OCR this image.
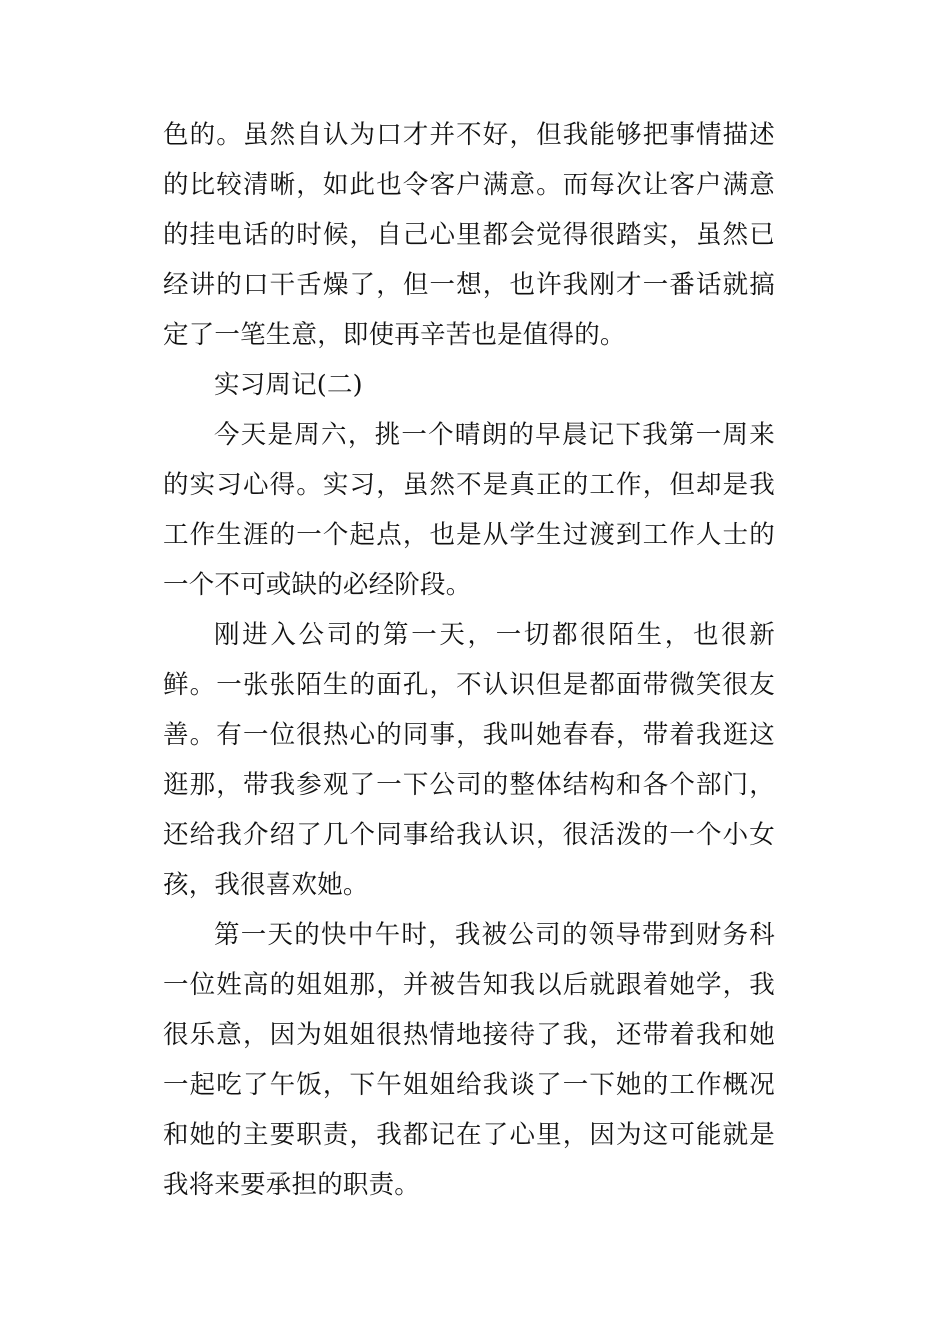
色的。虽然自认为口才并不好，但我能够把事情描述的比较清晰，如此也令客户满意。而每次让客户满意的挂电话的时候，自己心里都会觉得很踏实，虽然已经讲的口干舌燥了，但一想，也许我刚才一番话就搞定了一笔生意，即使再辛苦也是值得的。

实习周记(二)

今天是周六，挑一个晴朗的早晨记下我第一周来的实习心得。实习，虽然不是真正的工作，但却是我工作生涯的一个起点，也是从学生过渡到工作人士的一个不可或缺的必经阶段。

刚进入公司的第一天，一切都很陌生，也很新鲜。一张张陌生的面孔，不认识但是都面带微笑很友善。有一位很热心的同事，我叫她春春，带着我逛这逛那，带我参观了一下公司的整体结构和各个部门，还给我介绍了几个同事给我认识，很活泼的一个小女孩，我很喜欢她。

第一天的快中午时，我被公司的领导带到财务科一位姓高的姐姐那，并被告知我以后就跟着她学，我很乐意，因为姐姐很热情地接待了我，还带着我和她一起吃了午饭，下午姐姐给我谈了一下她的工作概况和她的主要职责，我都记在了心里，因为这可能就是我将来要承担的职责。
